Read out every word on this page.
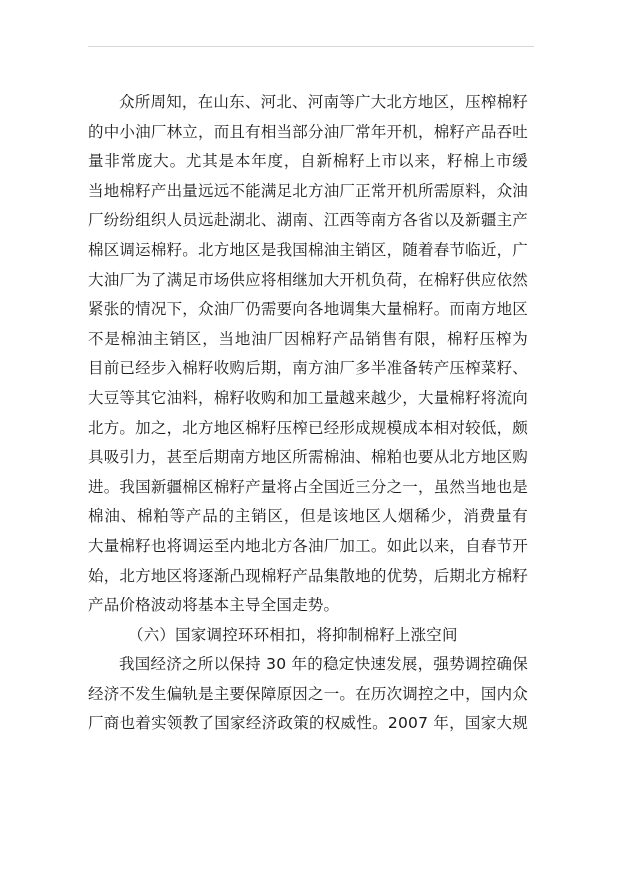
众所周知，在山东、河北、河南等广大北方地区，压榨棉籽
的中小油厂林立，而且有相当部分油厂常年开机，棉籽产品吞吐
量非常庞大。尤其是本年度，自新棉籽上市以来，籽棉上市缓
当地棉籽产出量远远不能满足北方油厂正常开机所需原料，众油
厂纷纷组织人员远赴湖北、湖南、江西等南方各省以及新疆主产
棉区调运棉籽。北方地区是我国棉油主销区，随着春节临近，广
大油厂为了满足市场供应将相继加大开机负荷，在棉籽供应依然
紧张的情况下，众油厂仍需要向各地调集大量棉籽。而南方地区
不是棉油主销区，当地油厂因棉籽产品销售有限，棉籽压榨为
目前已经步入棉籽收购后期，南方油厂多半准备转产压榨菜籽、
大豆等其它油料，棉籽收购和加工量越来越少，大量棉籽将流向
北方。加之，北方地区棉籽压榨已经形成规模成本相对较低，颇
具吸引力，甚至后期南方地区所需棉油、棉粕也要从北方地区购
进。我国新疆棉区棉籽产量将占全国近三分之一，虽然当地也是
棉油、棉粕等产品的主销区，但是该地区人烟稀少，消费量有
大量棉籽也将调运至内地北方各油厂加工。如此以来，自春节开
始，北方地区将逐渐凸现棉籽产品集散地的优势，后期北方棉籽
产品价格波动将基本主导全国走势。
（六）国家调控环环相扣，将抑制棉籽上涨空间
我国经济之所以保持 30 年的稳定快速发展，强势调控确保
经济不发生偏轨是主要保障原因之一。在历次调控之中，国内众
厂商也着实领教了国家经济政策的权威性。2007 年，国家大规
